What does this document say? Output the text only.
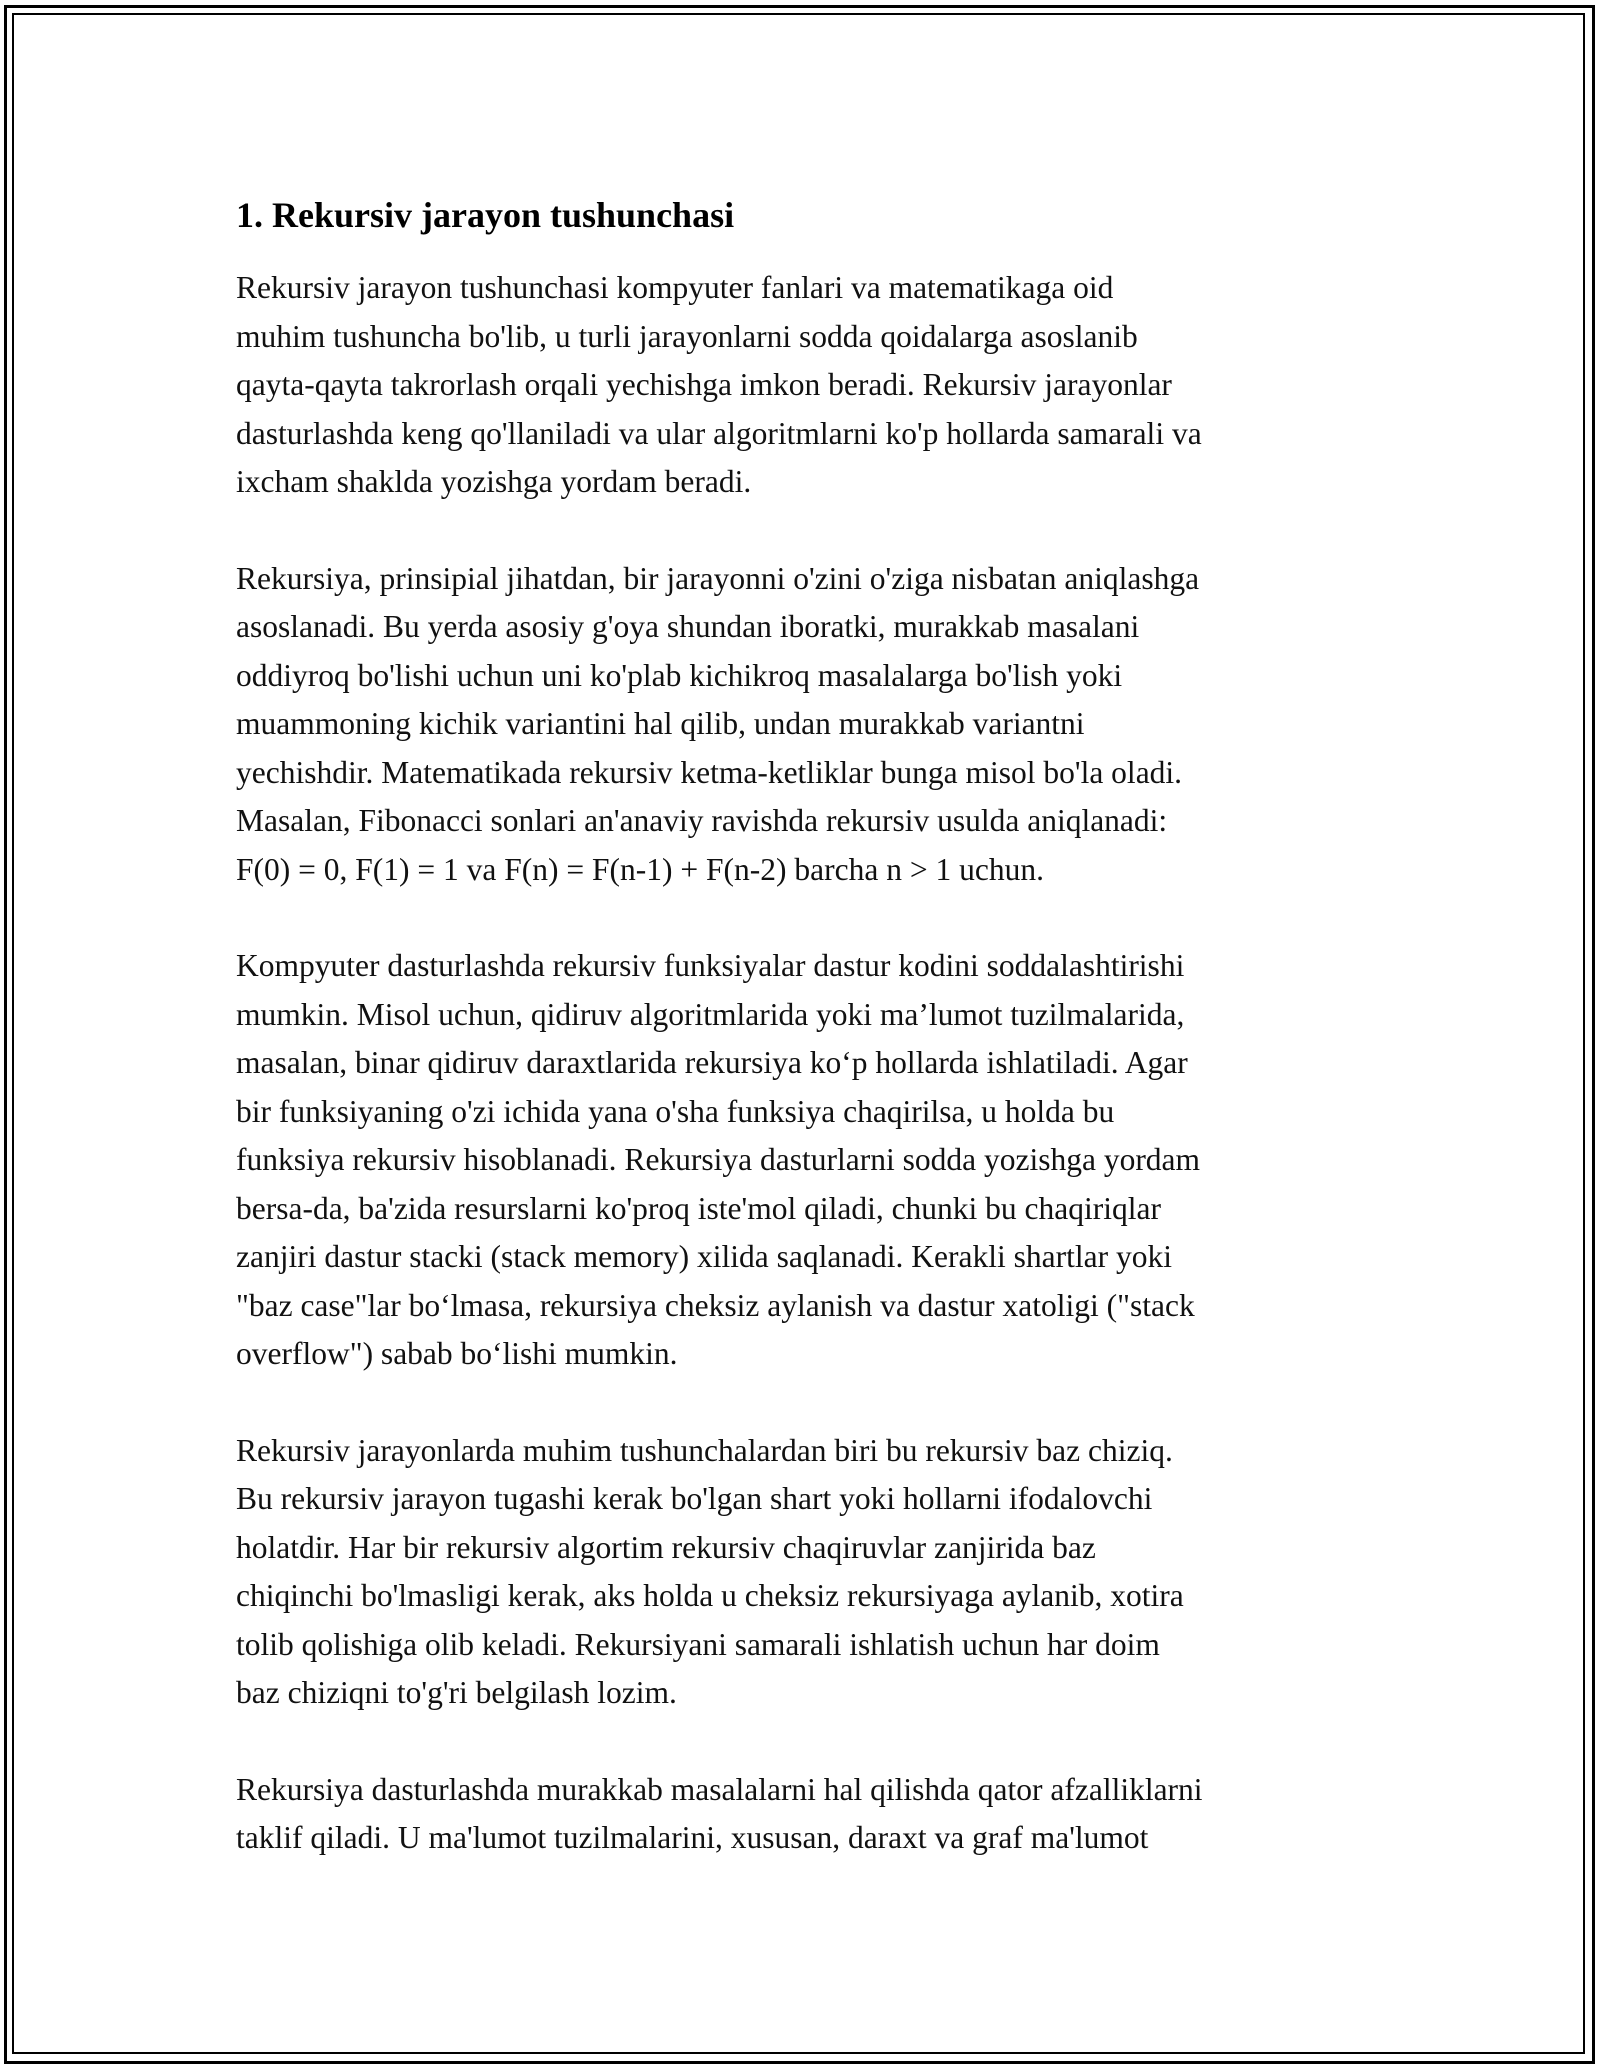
1. Rekursiv jarayon tushunchasi

Rekursiv jarayon tushunchasi kompyuter fanlari va matematikaga oid
muhim tushuncha bo'lib, u turli jarayonlarni sodda qoidalarga asoslanib
qayta-qayta takrorlash orqali yechishga imkon beradi. Rekursiv jarayonlar
dasturlashda keng qo'llaniladi va ular algoritmlarni ko'p hollarda samarali va
ixcham shaklda yozishga yordam beradi.

Rekursiya, prinsipial jihatdan, bir jarayonni o'zini o'ziga nisbatan aniqlashga
asoslanadi. Bu yerda asosiy g'oya shundan iboratki, murakkab masalani
oddiyroq bo'lishi uchun uni ko'plab kichikroq masalalarga bo'lish yoki
muammoning kichik variantini hal qilib, undan murakkab variantni
yechishdir. Matematikada rekursiv ketma-ketliklar bunga misol bo'la oladi.
Masalan, Fibonacci sonlari an'anaviy ravishda rekursiv usulda aniqlanadi:
F(0) = 0, F(1) = 1 va F(n) = F(n-1) + F(n-2) barcha n > 1 uchun.

Kompyuter dasturlashda rekursiv funksiyalar dastur kodini soddalashtirishi
mumkin. Misol uchun, qidiruv algoritmlarida yoki ma’lumot tuzilmalarida,
masalan, binar qidiruv daraxtlarida rekursiya ko‘p hollarda ishlatiladi. Agar
bir funksiyaning o'zi ichida yana o'sha funksiya chaqirilsa, u holda bu
funksiya rekursiv hisoblanadi. Rekursiya dasturlarni sodda yozishga yordam
bersa-da, ba'zida resurslarni ko'proq iste'mol qiladi, chunki bu chaqiriqlar
zanjiri dastur stacki (stack memory) xilida saqlanadi. Kerakli shartlar yoki
"baz case"lar bo‘lmasa, rekursiya cheksiz aylanish va dastur xatoligi ("stack
overflow") sabab bo‘lishi mumkin.

Rekursiv jarayonlarda muhim tushunchalardan biri bu rekursiv baz chiziq.
Bu rekursiv jarayon tugashi kerak bo'lgan shart yoki hollarni ifodalovchi
holatdir. Har bir rekursiv algortim rekursiv chaqiruvlar zanjirida baz
chiqinchi bo'lmasligi kerak, aks holda u cheksiz rekursiyaga aylanib, xotira
tolib qolishiga olib keladi. Rekursiyani samarali ishlatish uchun har doim
baz chiziqni to'g'ri belgilash lozim.

Rekursiya dasturlashda murakkab masalalarni hal qilishda qator afzalliklarni
taklif qiladi. U ma'lumot tuzilmalarini, xususan, daraxt va graf ma'lumot
